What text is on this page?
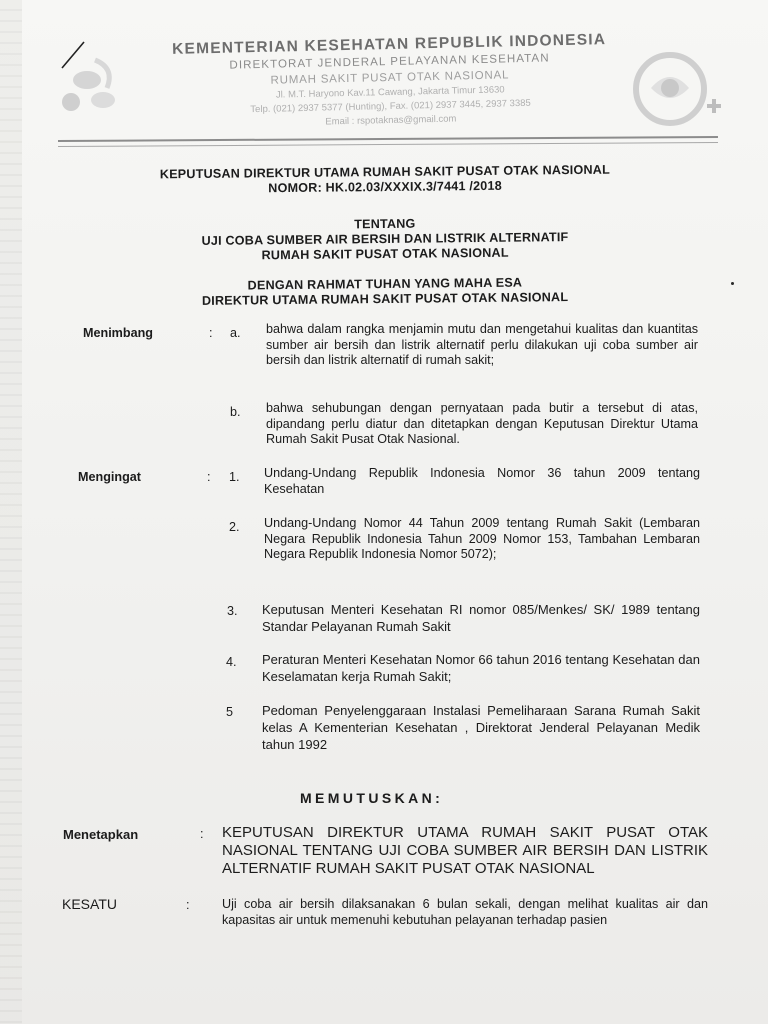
KEMENTERIAN KESEHATAN REPUBLIK INDONESIA
DIREKTORAT JENDERAL PELAYANAN KESEHATAN
RUMAH SAKIT PUSAT OTAK NASIONAL
Jl. M.T. Haryono Kav.11 Cawang, Jakarta Timur 13630
Telp. (021) 2937 5377 (Hunting), Fax. (021) 2937 3445, 2937 3385
Email : rspotaknas@gmail.com
KEPUTUSAN DIREKTUR UTAMA RUMAH SAKIT PUSAT OTAK NASIONAL
NOMOR: HK.02.03/XXXIX.3/7441 /2018
TENTANG
UJI COBA SUMBER AIR BERSIH DAN LISTRIK ALTERNATIF
RUMAH SAKIT PUSAT OTAK NASIONAL
DENGAN RAHMAT TUHAN YANG MAHA ESA
DIREKTUR UTAMA RUMAH SAKIT PUSAT OTAK NASIONAL
Menimbang	: a. bahwa dalam rangka menjamin mutu dan mengetahui kualitas dan kuantitas sumber air bersih dan listrik alternatif perlu dilakukan uji coba sumber air bersih dan listrik alternatif di rumah sakit;
b. bahwa sehubungan dengan pernyataan pada butir a tersebut di atas, dipandang perlu diatur dan ditetapkan dengan Keputusan Direktur Utama Rumah Sakit Pusat Otak Nasional.
Mengingat	: 1. Undang-Undang Republik Indonesia Nomor 36 tahun 2009 tentang Kesehatan
2. Undang-Undang Nomor 44 Tahun 2009 tentang Rumah Sakit (Lembaran Negara Republik Indonesia Tahun 2009 Nomor 153, Tambahan Lembaran Negara Republik Indonesia Nomor 5072);
3. Keputusan Menteri Kesehatan RI nomor 085/Menkes/ SK/ 1989 tentang Standar Pelayanan Rumah Sakit
4. Peraturan Menteri Kesehatan Nomor 66 tahun 2016 tentang Kesehatan dan Keselamatan kerja Rumah Sakit;
5 Pedoman Penyelenggaraan Instalasi Pemeliharaan Sarana Rumah Sakit kelas A Kementerian Kesehatan , Direktorat Jenderal Pelayanan Medik tahun 1992
MEMUTUSKAN:
Menetapkan	: KEPUTUSAN DIREKTUR UTAMA RUMAH SAKIT PUSAT OTAK NASIONAL TENTANG UJI COBA SUMBER AIR BERSIH DAN LISTRIK ALTERNATIF RUMAH SAKIT PUSAT OTAK NASIONAL
KESATU	:	Uji coba air bersih dilaksanakan 6 bulan sekali, dengan melihat kualitas air dan kapasitas air untuk memenuhi kebutuhan pelayanan terhadap pasien
